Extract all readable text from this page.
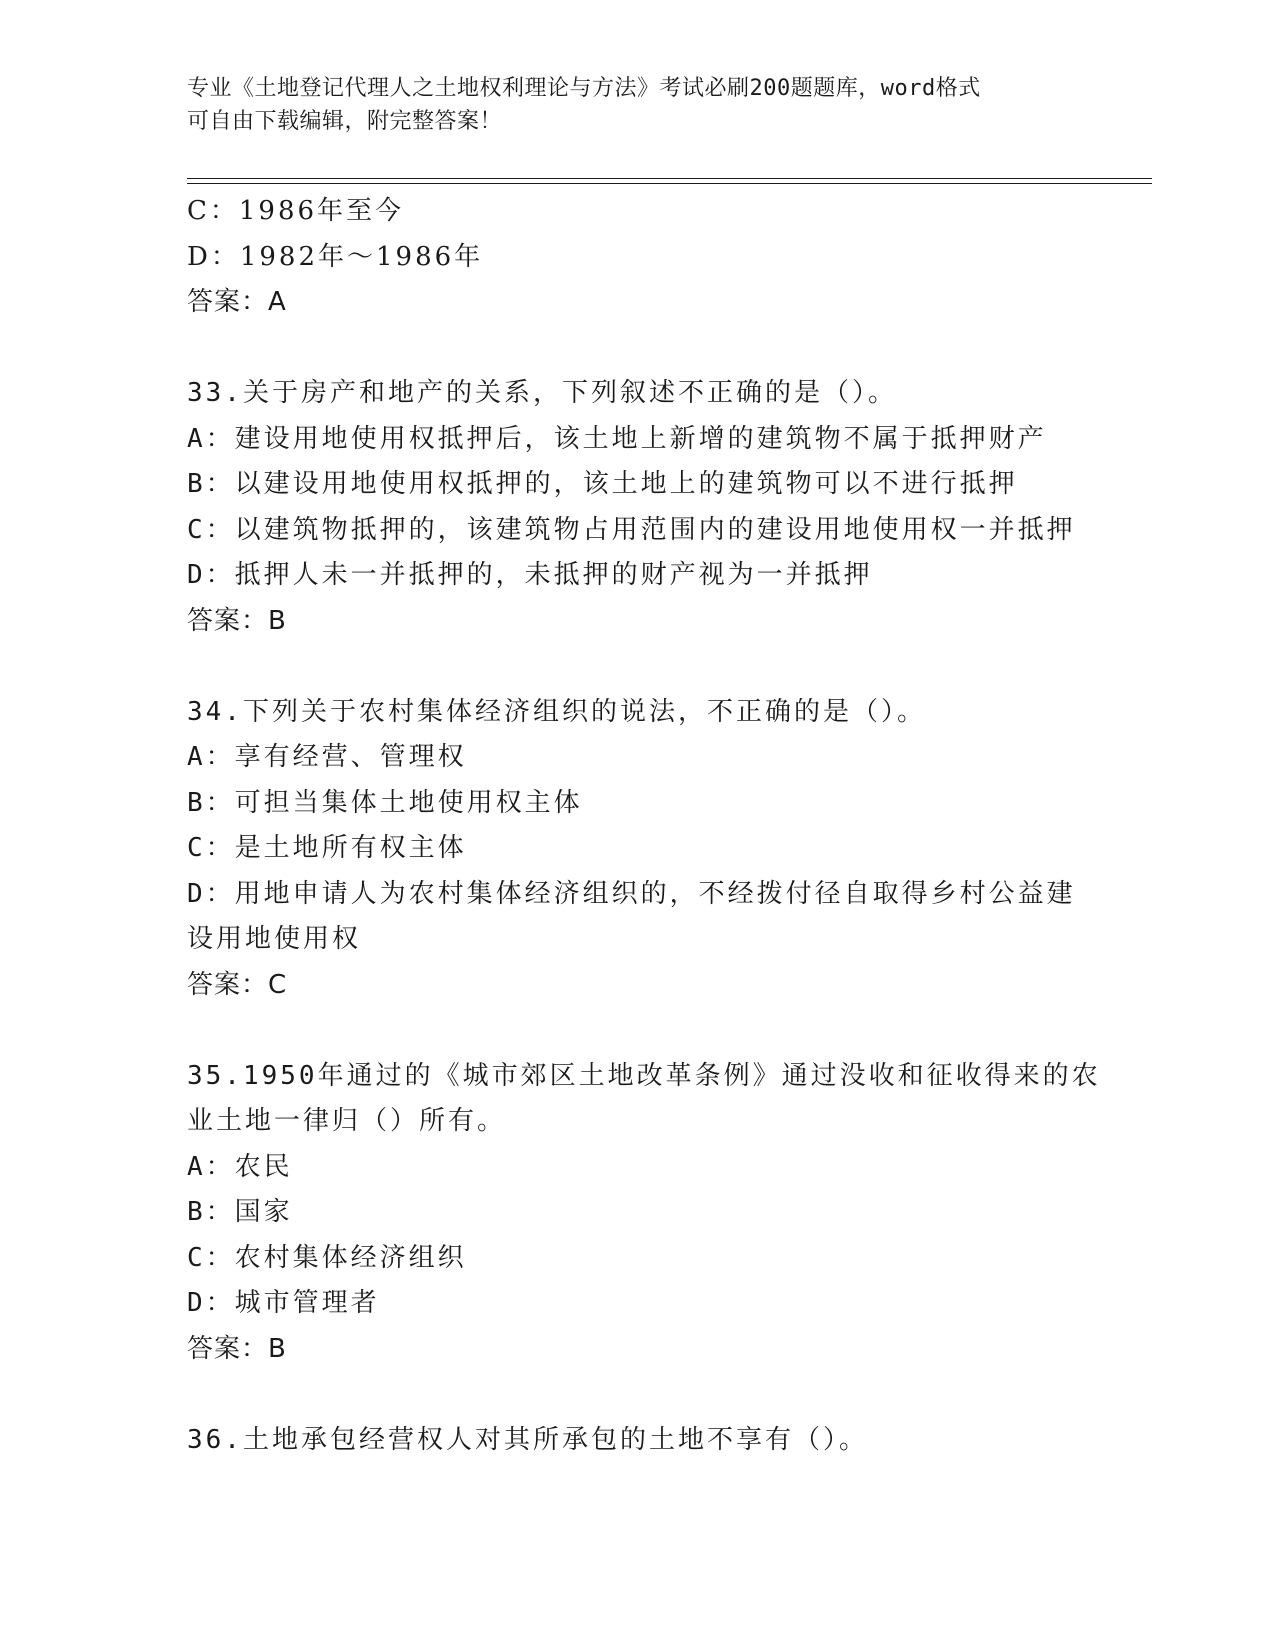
专业《土地登记代理人之土地权利理论与方法》考试必刷200题题库，word格式
可自由下载编辑，附完整答案！
C：1986年至今
D：1982年～1986年
答案：A
33.关于房产和地产的关系，下列叙述不正确的是（）。
A：建设用地使用权抵押后，该土地上新增的建筑物不属于抵押财产
B：以建设用地使用权抵押的，该土地上的建筑物可以不进行抵押
C：以建筑物抵押的，该建筑物占用范围内的建设用地使用权一并抵押
D：抵押人未一并抵押的，未抵押的财产视为一并抵押
答案：B
34.下列关于农村集体经济组织的说法，不正确的是（）。
A：享有经营、管理权
B：可担当集体土地使用权主体
C：是土地所有权主体
D：用地申请人为农村集体经济组织的，不经拨付径自取得乡村公益建
设用地使用权
答案：C
35.1950年通过的《城市郊区土地改革条例》通过没收和征收得来的农
业土地一律归（）所有。
A：农民
B：国家
C：农村集体经济组织
D：城市管理者
答案：B
36.土地承包经营权人对其所承包的土地不享有（）。
